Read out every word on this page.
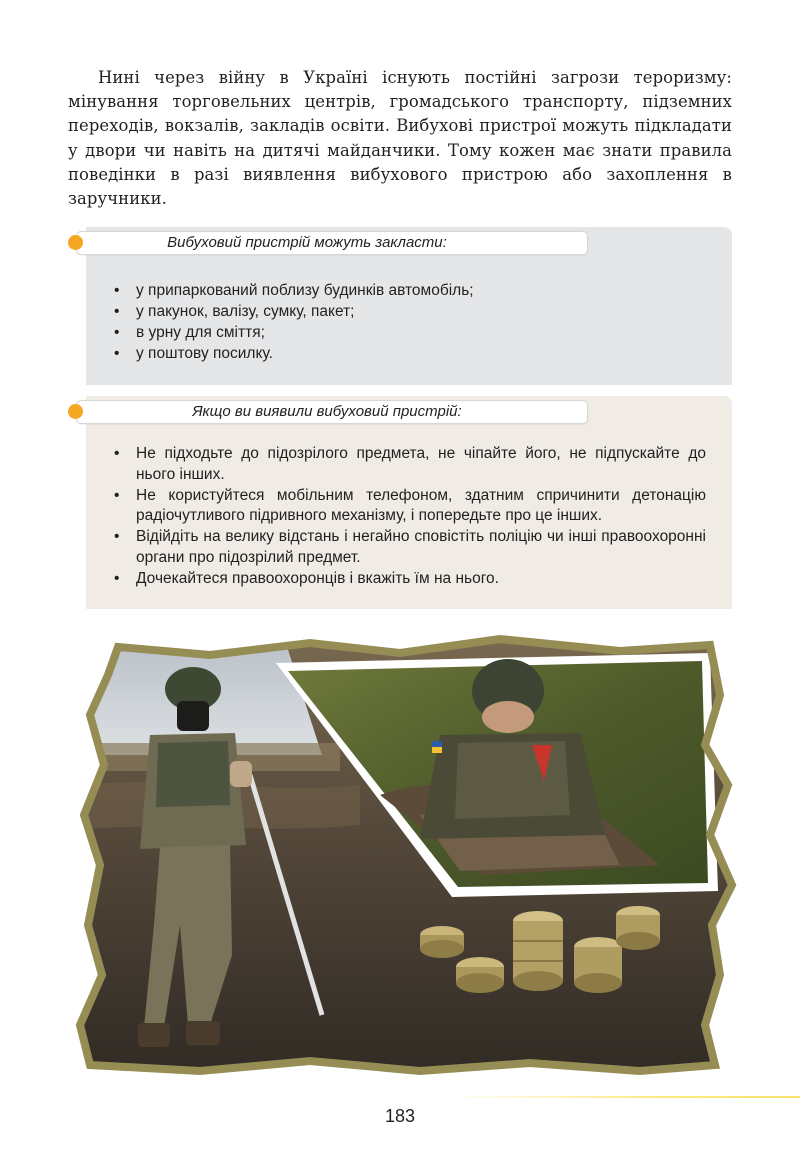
Нині через війну в Україні існують постійні загрози тероризму: мінування торговельних центрів, громадського транспорту, підземних переходів, вокзалів, закладів освіти. Вибухові пристрої можуть підкладати у двори чи навіть на дитячі майданчики. Тому кожен має знати правила поведінки в разі виявлення вибухового пристрою або захоплення в заручники.

Вибуховий пристрій можуть закласти:
• у припаркований поблизу будинків автомобіль;
• у пакунок, валізу, сумку, пакет;
• в урну для сміття;
• у поштову посилку.
Якщо ви виявили вибуховий пристрій:
• Не підходьте до підозрілого предмета, не чіпайте його, не підпускайте до нього інших.
• Не користуйтеся мобільним телефоном, здатним спричинити детонацію радіочутливого підривного механізму, і попередьте про це інших.
• Відійдіть на велику відстань і негайно сповістіть поліцію чи інші правоохоронні органи про підозрілий предмет.
• Дочекайтеся правоохоронців і вкажіть їм на нього.
183
